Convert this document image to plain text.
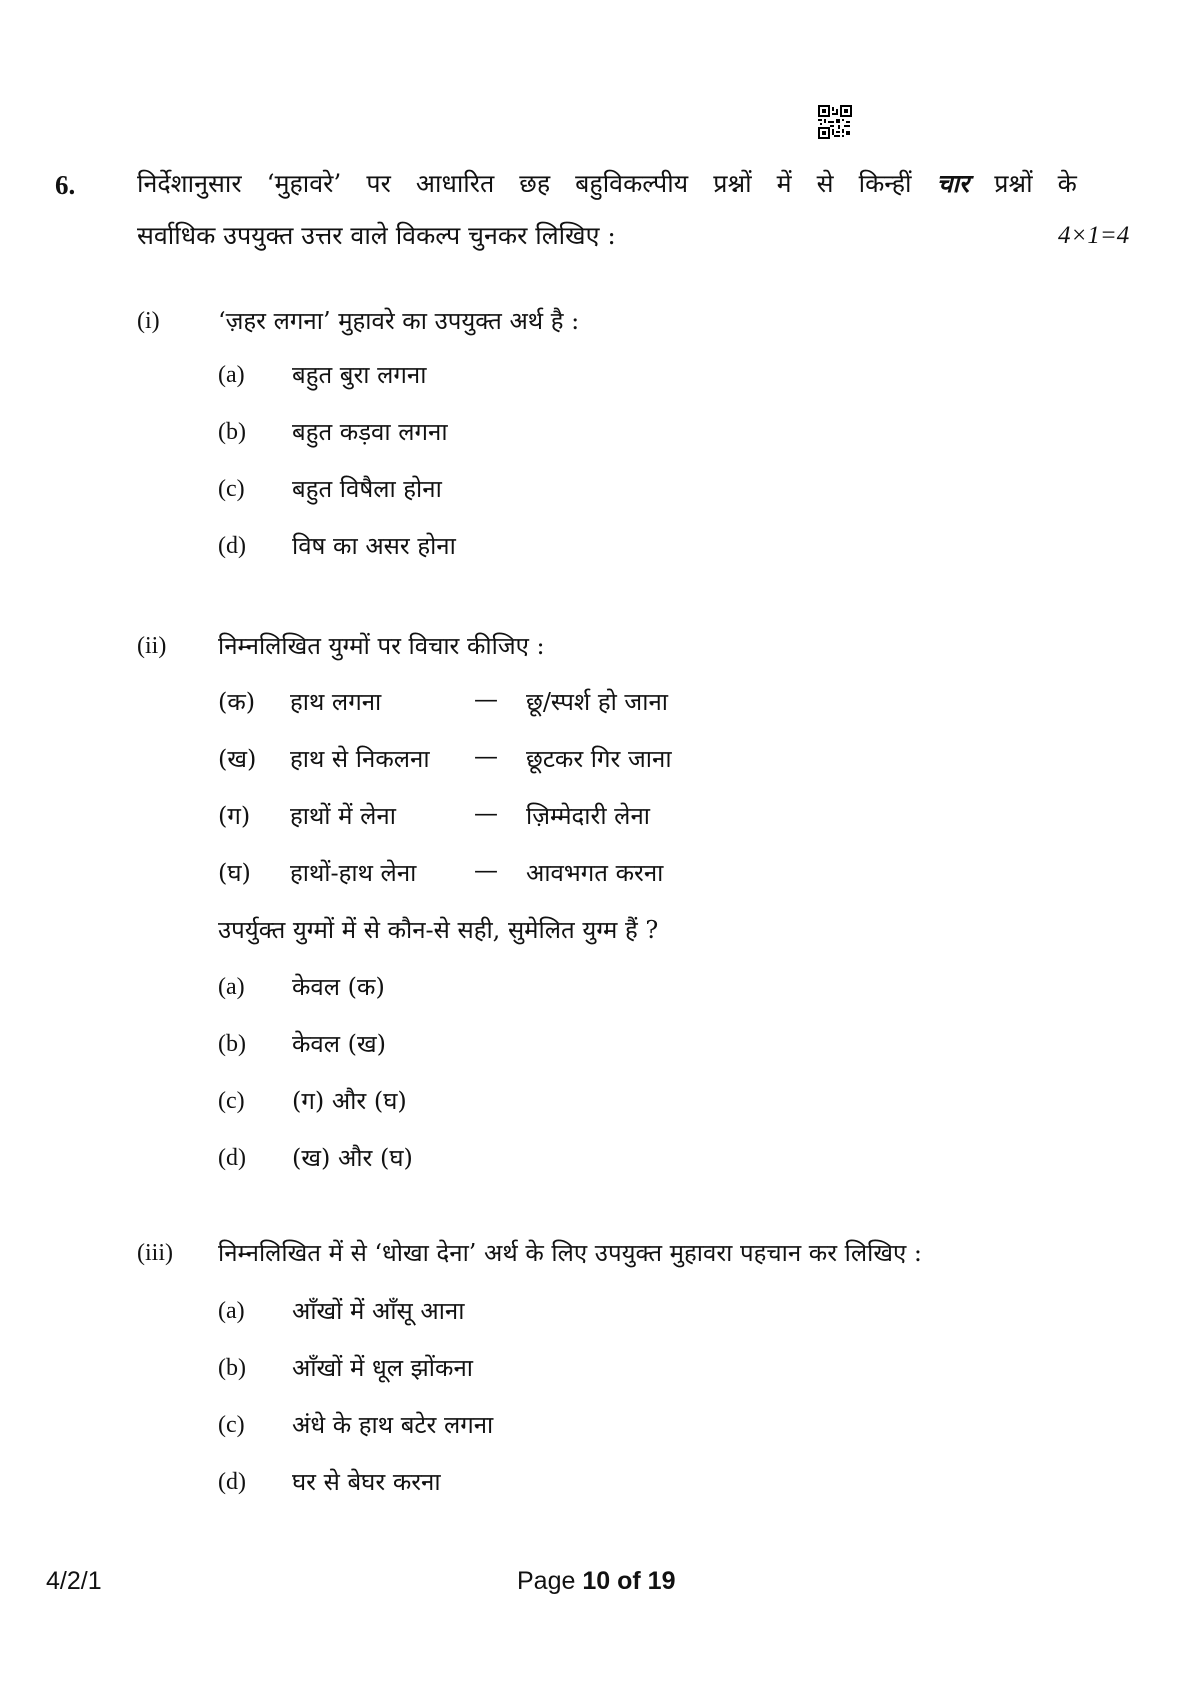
6. निर्देशानुसार ‘मुहावरे’ पर आधारित छह बहुविकल्पीय प्रश्नों में से किन्हीं चार प्रश्नों के
सर्वाधिक उपयुक्त उत्तर वाले विकल्प चुनकर लिखिए :	4×1=4
(i) ‘ज़हर लगना’ मुहावरे का उपयुक्त अर्थ है :
(a) बहुत बुरा लगना
(b) बहुत कड़वा लगना
(c) बहुत विषैला होना
(d) विष का असर होना
(ii) निम्नलिखित युग्मों पर विचार कीजिए :
(क) हाथ लगना	— छू/स्पर्श हो जाना
(ख) हाथ से निकलना — छूटकर गिर जाना
(ग) हाथों में लेना	— ज़िम्मेदारी लेना
(घ) हाथों-हाथ लेना — आवभगत करना
उपर्युक्त युग्मों में से कौन-से सही, सुमेलित युग्म हैं ?
(a) केवल (क)
(b) केवल (ख)
(c) (ग) और (घ)
(d) (ख) और (घ)
(iii) निम्नलिखित में से ‘धोखा देना’ अर्थ के लिए उपयुक्त मुहावरा पहचान कर लिखिए :
(a) आँखों में आँसू आना
(b) आँखों में धूल झोंकना
(c) अंधे के हाथ बटेर लगना
(d) घर से बेघर करना
4/2/1	Page 10 of 19
